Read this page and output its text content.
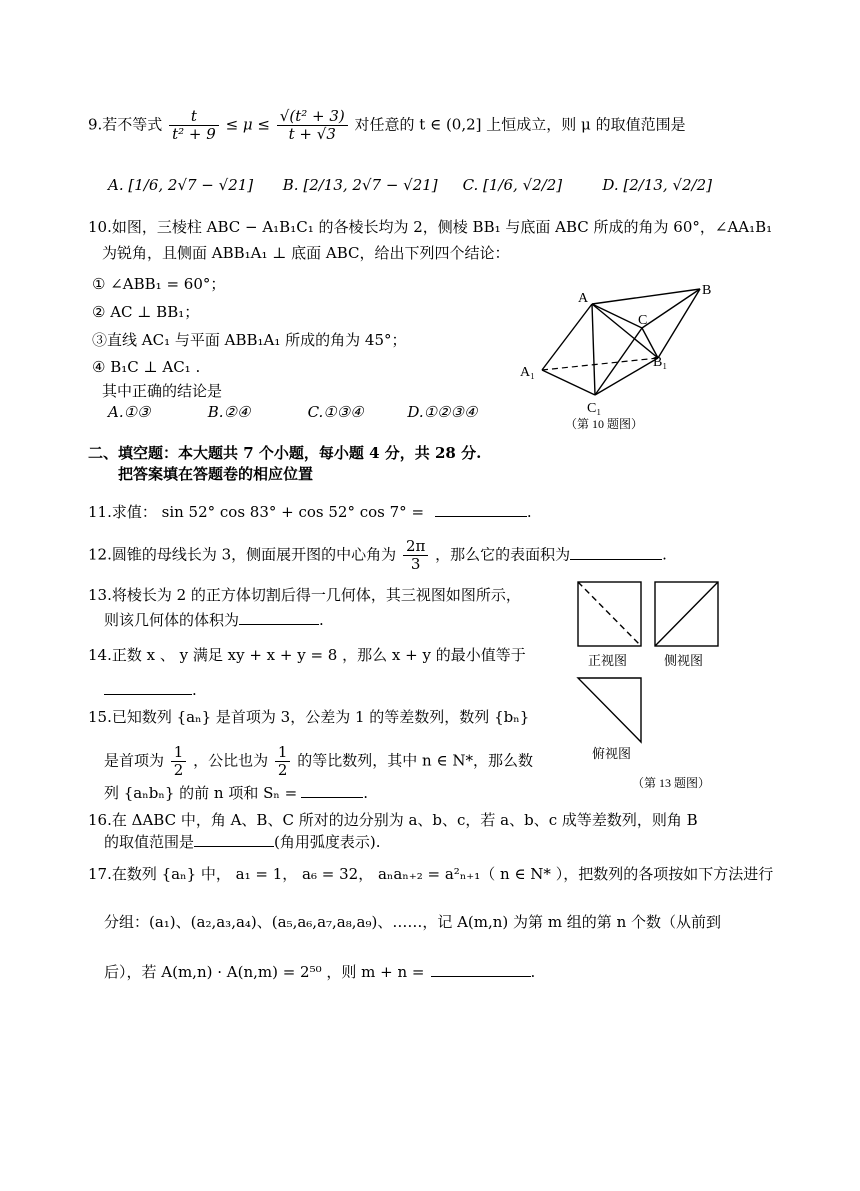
9.若不等式 $\frac{t}{\text{t² + 9}} \le \mu \le \frac{\text{√(t² + 3)}}{t + √3}$ 对任意的 t ∈ (0,2] 上恒成立，则 μ 的取值范围是
A. [1/6, 2√7 − √21] B. [2/13, 2√7 − √21] C. [1/6, √2/2]	D. [2/13, √2/2]
10.如图，三棱柱 ABC − A₁B₁C₁ 的各棱长均为 2，侧棱 BB₁ 与底面 ABC 所成的角为 60°，∠AA₁B₁
为锐角，且侧面 ABB₁A₁ ⊥ 底面 ABC，给出下列四个结论：
① ∠ABB₁ = 60°；
② AC ⊥ BB₁；
③直线 AC₁ 与平面 ABB₁A₁ 所成的角为 45°；
④ B₁C ⊥ AC₁ .
其中正确的结论是
A.①③	B.②④	C.①③④	D.①②③④
A
B
C
A₁
B₁
C₁
（第 10 题图）
二、填空题：本大题共 7 个小题，每小题 4 分，共 28 分.
把答案填在答题卷的相应位置
11.求值： sin 52° cos 83° + cos 52° cos 7° =	.
12.圆锥的母线长为 3，侧面展开图的中心角为 $\frac{2\pi}{3}$ ，那么它的表面积为	.
13.将棱长为 2 的正方体切割后得一几何体，其三视图如图所示，
则该几何体的体积为	.
14.正数 x 、 y 满足 xy + x + y = 8 ，那么 x + y 的最小值等于
.
15.已知数列 {aₙ} 是首项为 3，公差为 1 的等差数列，数列 {bₙ}
是首项为 $\frac{1}{2}$ ，公比也为 $\frac{1}{2}$ 的等比数列，其中 n ∈ N*，那么数
列 {aₙbₙ} 的前 n 项和 Sₙ =	.
正视图	侧视图
俯视图
（第 13 题图）
16.在 ΔABC 中，角 A、B、C 所对的边分别为 a、b、c，若 a、b、c 成等差数列，则角 B
的取值范围是	(角用弧度表示).
17.在数列 {aₙ} 中， a₁ = 1， a₆ = 32， aₙaₙ₊₂ = a²ₙ₊₁（ n ∈ N* ），把数列的各项按如下方法进行
分组：(a₁)、(a₂,a₃,a₄)、(a₅,a₆,a₇,a₈,a₉)、……，记 A(m,n) 为第 m 组的第 n 个数（从前到
后），若 A(m,n) · A(n,m) = 2⁵⁰ ，则 m + n =	.
